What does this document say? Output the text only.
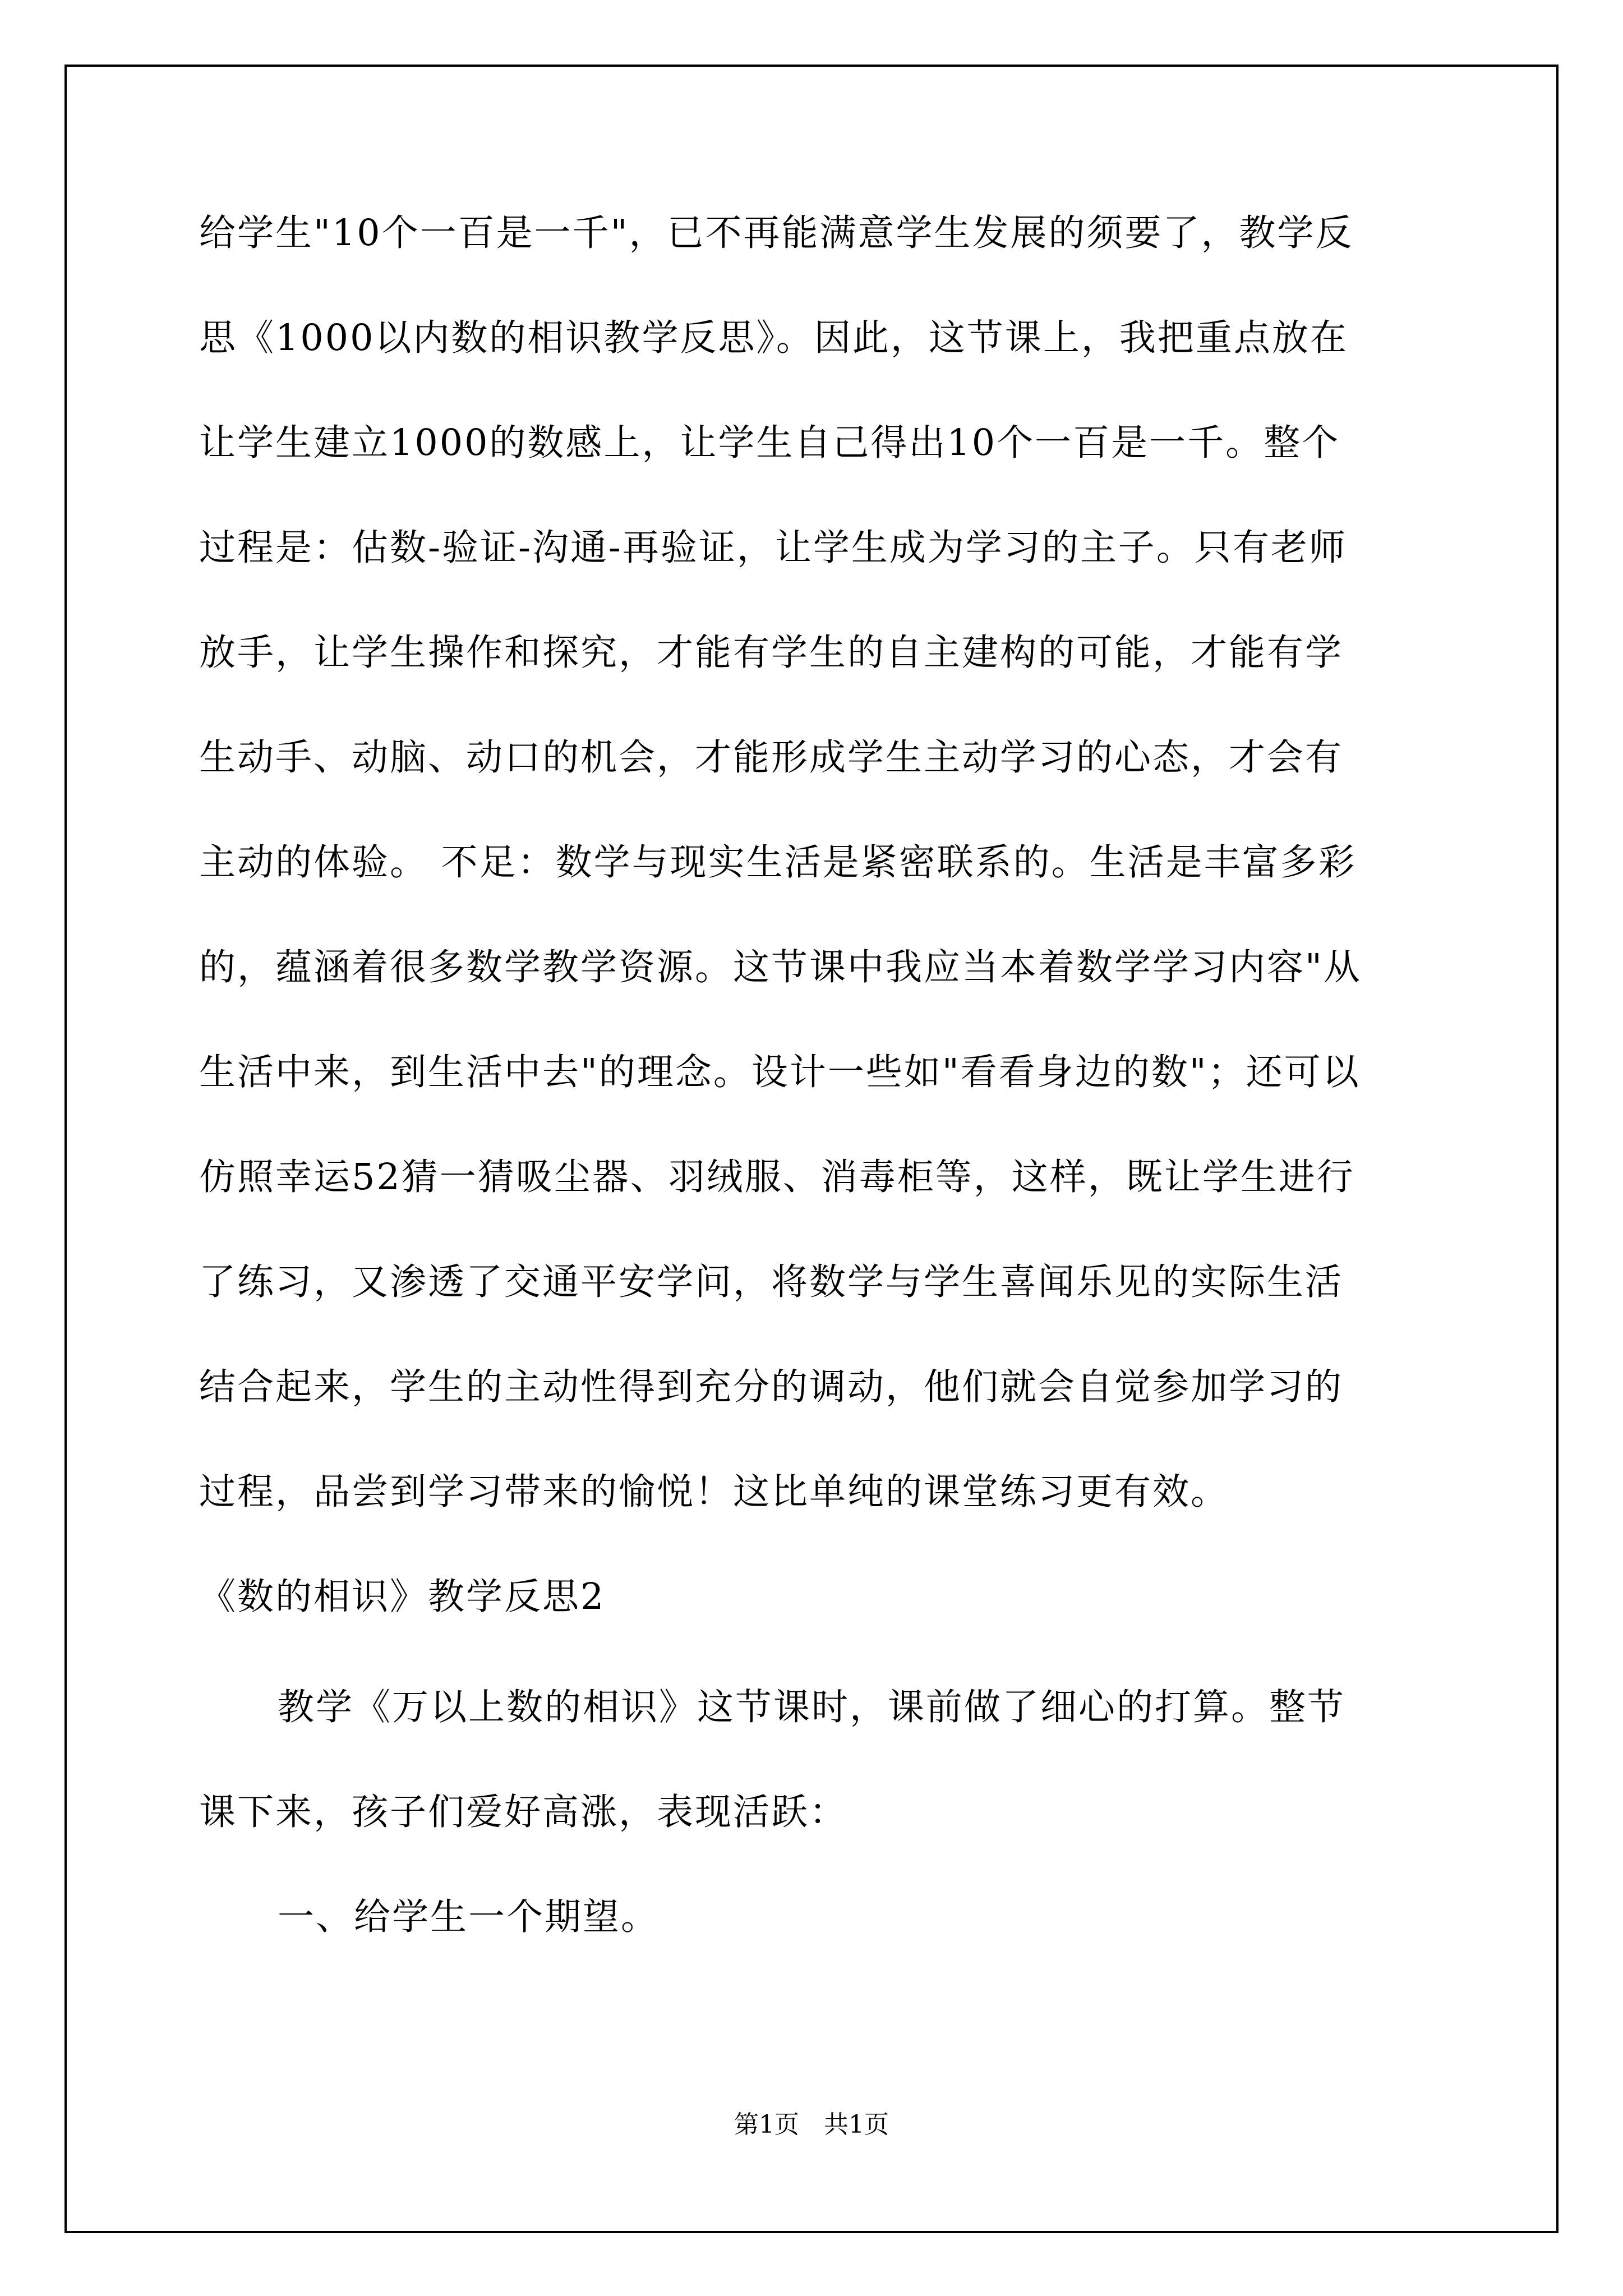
给学生"10个一百是一千"，已不再能满意学生发展的须要了，教学反
思《1000以内数的相识教学反思》。因此，这节课上，我把重点放在
让学生建立1000的数感上，让学生自己得出10个一百是一千。整个
过程是：估数-验证-沟通-再验证，让学生成为学习的主子。只有老师
放手，让学生操作和探究，才能有学生的自主建构的可能，才能有学
生动手、动脑、动口的机会，才能形成学生主动学习的心态，才会有
主动的体验。 不足：数学与现实生活是紧密联系的。生活是丰富多彩
的，蕴涵着很多数学教学资源。这节课中我应当本着数学学习内容"从
生活中来，到生活中去"的理念。设计一些如"看看身边的数"；还可以
仿照幸运52猜一猜吸尘器、羽绒服、消毒柜等，这样，既让学生进行
了练习，又渗透了交通平安学问，将数学与学生喜闻乐见的实际生活
结合起来，学生的主动性得到充分的调动，他们就会自觉参加学习的
过程，品尝到学习带来的愉悦！这比单纯的课堂练习更有效。
《数的相识》教学反思2
教学《万以上数的相识》这节课时，课前做了细心的打算。整节
课下来，孩子们爱好高涨，表现活跃：
一、给学生一个期望。
第1页　共1页
